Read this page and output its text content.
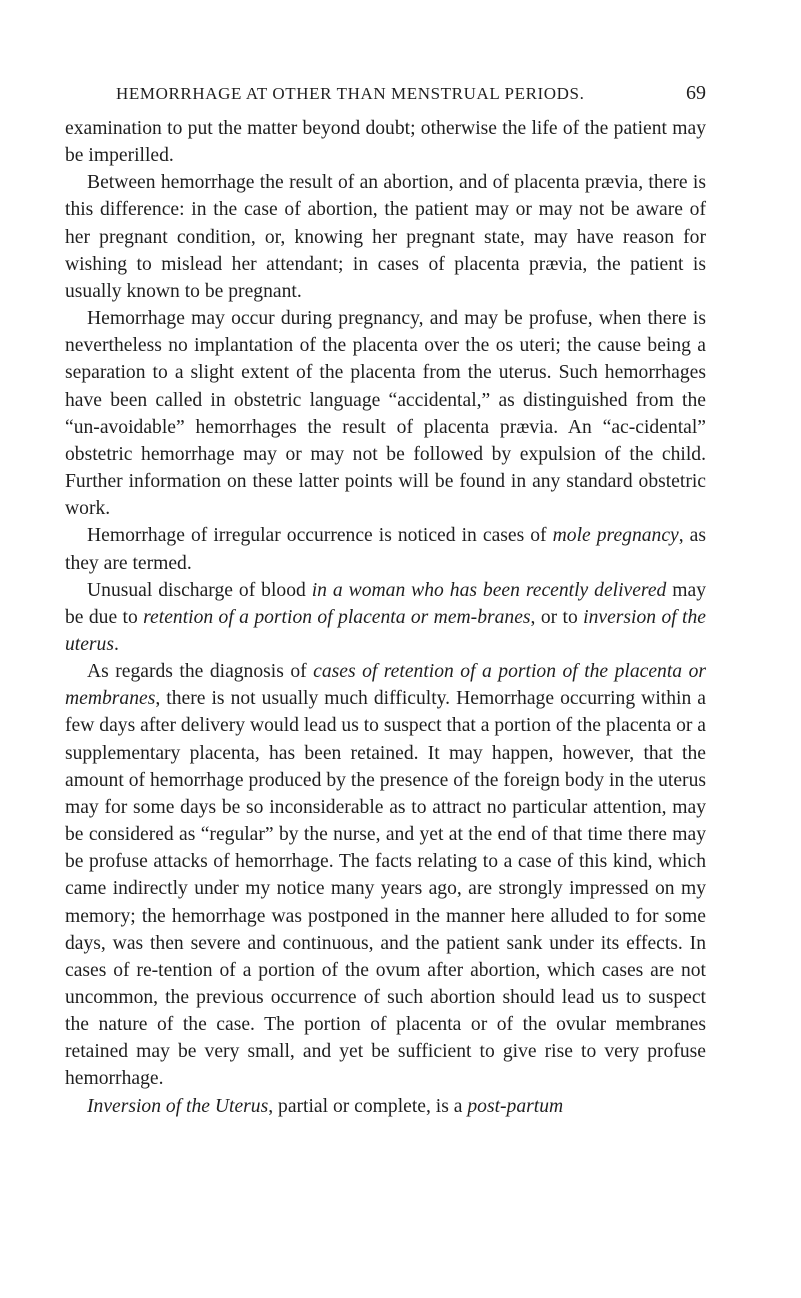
HEMORRHAGE AT OTHER THAN MENSTRUAL PERIODS.	69

examination to put the matter beyond doubt; otherwise the life of the patient may be imperilled.

Between hemorrhage the result of an abortion, and of placenta prævia, there is this difference: in the case of abortion, the patient may or may not be aware of her pregnant condition, or, knowing her pregnant state, may have reason for wishing to mislead her attendant; in cases of placenta prævia, the patient is usually known to be pregnant.

Hemorrhage may occur during pregnancy, and may be profuse, when there is nevertheless no implantation of the placenta over the os uteri; the cause being a separation to a slight extent of the placenta from the uterus. Such hemorrhages have been called in obstetric language “accidental,” as distinguished from the “un-avoidable” hemorrhages the result of placenta prævia. An “ac-cidental” obstetric hemorrhage may or may not be followed by expulsion of the child. Further information on these latter points will be found in any standard obstetric work.

Hemorrhage of irregular occurrence is noticed in cases of mole pregnancy, as they are termed.

Unusual discharge of blood in a woman who has been recently delivered may be due to retention of a portion of placenta or mem-branes, or to inversion of the uterus.

As regards the diagnosis of cases of retention of a portion of the placenta or membranes, there is not usually much difficulty. Hemorrhage occurring within a few days after delivery would lead us to suspect that a portion of the placenta or a supplementary placenta, has been retained. It may happen, however, that the amount of hemorrhage produced by the presence of the foreign body in the uterus may for some days be so inconsiderable as to attract no particular attention, may be considered as “regular” by the nurse, and yet at the end of that time there may be profuse attacks of hemorrhage. The facts relating to a case of this kind, which came indirectly under my notice many years ago, are strongly impressed on my memory; the hemorrhage was postponed in the manner here alluded to for some days, was then severe and continuous, and the patient sank under its effects. In cases of re-tention of a portion of the ovum after abortion, which cases are not uncommon, the previous occurrence of such abortion should lead us to suspect the nature of the case. The portion of placenta or of the ovular membranes retained may be very small, and yet be sufficient to give rise to very profuse hemorrhage.

Inversion of the Uterus, partial or complete, is a post-partum
